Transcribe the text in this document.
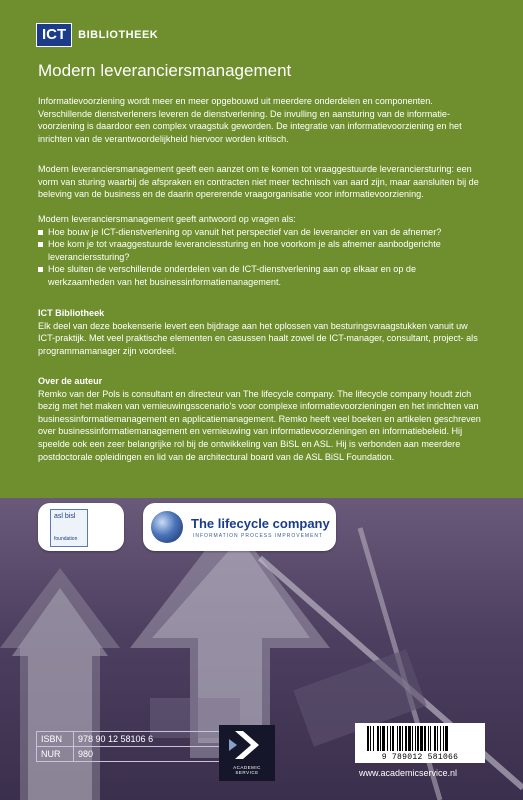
ICT	BIBLIOTHEEK
Modern leveranciersmanagement

Informatievoorziening wordt meer en meer opgebouwd uit meerdere onderdelen en componenten. Verschillende dienstverleners leveren de dienstverlening. De invulling en aansturing van de informatie-voorziening is daardoor een complex vraagstuk geworden. De integratie van informatievoorziening en het inrichten van de verantwoordelijkheid hiervoor worden kritisch.

Modern leveranciersmanagement geeft een aanzet om te komen tot vraaggestuurde leveranciersturing: een vorm van sturing waarbij de afspraken en contracten niet meer technisch van aard zijn, maar aansluiten bij de beleving van de business en de daarin opererende vraagorganisatie voor informatievoorziening.

Modern leveranciersmanagement geeft antwoord op vragen als:

Hoe bouw je ICT-dienstverlening op vanuit het perspectief van de leverancier en van de afnemer?
Hoe kom je tot vraaggestuurde leveranciessturing en hoe voorkom je als afnemer aanbodgerichte leverancierssturing?
Hoe sluiten de verschillende onderdelen van de ICT-dienstverlening aan op elkaar en op de werkzaamheden van het businessinformatiemanagement.

ICT Bibliotheek

Elk deel van deze boekenserie levert een bijdrage aan het oplossen van besturingsvraagstukken vanuit uw ICT-praktijk. Met veel praktische elementen en casussen haalt zowel de ICT-manager, consultant, project- als programmamanager zijn voordeel.

Over de auteur

Remko van der Pols is consultant en directeur van The lifecycle company. The lifecycle company houdt zich bezig met het maken van vernieuwingsscenario's voor complexe informatievoorzieningen en het inrichten van businessinformatiemanagement en applicatiemanagement. Remko heeft veel boeken en artikelen geschreven over businessinformatiemanagement en vernieuwing van informatievoorzieningen en informatiebeleid. Hij speelde ook een zeer belangrijke rol bij de ontwikkeling van BiSL en ASL. Hij is verbonden aan meerdere postdoctorale opleidingen en lid van de architectural board van de ASL BiSL Foundation.

asl bisl
foundation
The lifecycle company
INFORMATION PROCESS IMPROVEMENT
ISBN	978 90 12 58106 6
NUR	980
ACADEMIC
SERVICE
9 789012 581066
www.academicservice.nl
